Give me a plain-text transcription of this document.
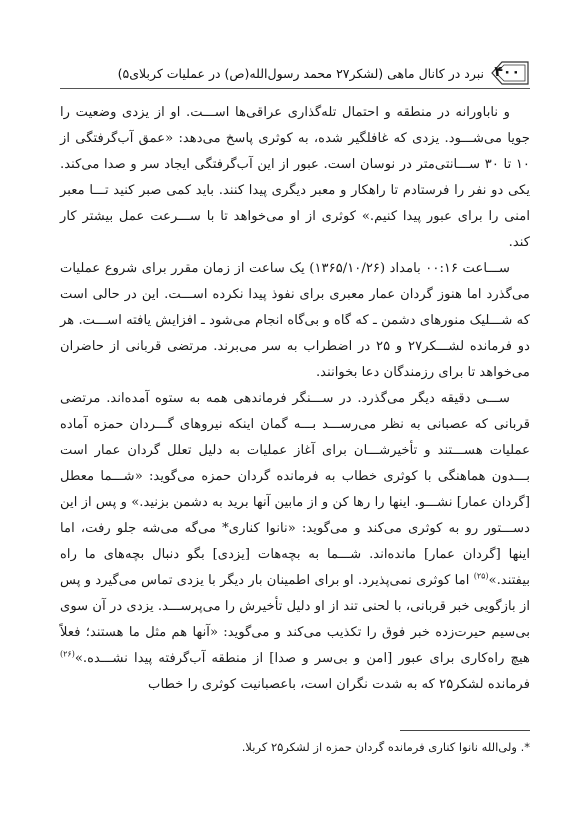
۴۰۰
نبرد در کانال ماهی (لشکر۲۷ محمد رسول‌الله(ص) در عملیات کربلای۵)

و ناباورانه در منطقه و احتمال تله‌گذاری عراقی‌ها اســـت. او از یزدی وضعیت را جویا می‌شـــود. یزدی که غافلگیر شده، به کوثری پاسخ می‌دهد: «عمق آب‌گرفتگی از ۱۰ تا ۳۰ ســـانتی‌متر در نوسان است. عبور از این آب‌گرفتگی ایجاد سر و صدا می‌کند. یکی دو نفر را فرستادم تا راهکار و معبر دیگری پیدا کنند. باید کمی صبر کنید تـــا معبر امنی را برای عبور پیدا کنیم.» کوثری از او می‌خواهد تا با ســـرعت عمل بیشتر کار کند.

ســـاعت ۰۰:۱۶ بامداد (۱۳۶۵/۱۰/۲۶) یک ساعت از زمان مقرر برای شروع عملیات می‌گذرد اما هنوز گردان عمار معبری برای نفوذ پیدا نکرده اســـت. این در حالی است که شـــلیک منورهای دشمن ـ که گاه و بی‌گاه انجام می‌شود ـ افزایش یافته اســـت. هر دو فرمانده لشـــکر۲۷ و ۲۵ در اضطراب به سر می‌برند. مرتضی قربانی از حاضران می‌خواهد تا برای رزمندگان دعا بخوانند.

ســـی دقیقه دیگر می‌گذرد. در ســـنگر فرماندهی همه به ستوه آمده‌اند. مرتضی قربانی که عصبانی به نظر می‌رســـد بـــه گمان اینکه نیروهای گـــردان حمزه آماده عملیات هســـتند و تأخیرشـــان برای آغاز عملیات به دلیل تعلل گردان عمار است بـــدون هماهنگی با کوثری خطاب به فرمانده گردان حمزه می‌گوید: «شـــما معطل [گردان عمار] نشـــو. اینها را رها کن و از مابین آنها برید به دشمن بزنید.» و پس از این دســـتور رو به کوثری می‌کند و می‌گوید: «نانوا کناری* می‌گه می‌شه جلو رفت، اما اینها [گردان عمار] مانده‌اند. شـــما به بچه‌هات [یزدی] بگو دنبال بچه‌های ما راه بیفتند.»$^{(۲۵)}$ اما کوثری نمی‌پذیرد. او برای اطمینان بار دیگر با یزدی تماس می‌گیرد و پس از بازگویی خبر قربانی، با لحنی تند از او دلیل تأخیرش را می‌پرســـد. یزدی در آن سوی بی‌سیم حیرت‌زده خبر فوق را تکذیب می‌کند و می‌گوید: «آنها هم مثل ما هستند؛ فعلاً هیچ راه‌کاری برای عبور [امن و بی‌سر و صدا] از منطقه آب‌گرفته پیدا نشـــده.»$^{(۲۶)}$ فرمانده لشکر۲۵ که به شدت نگران است، باعصبانیت کوثری را خطاب

*. ولی‌الله نانوا کناری فرمانده گردان حمزه از لشکر۲۵ کربلا.
